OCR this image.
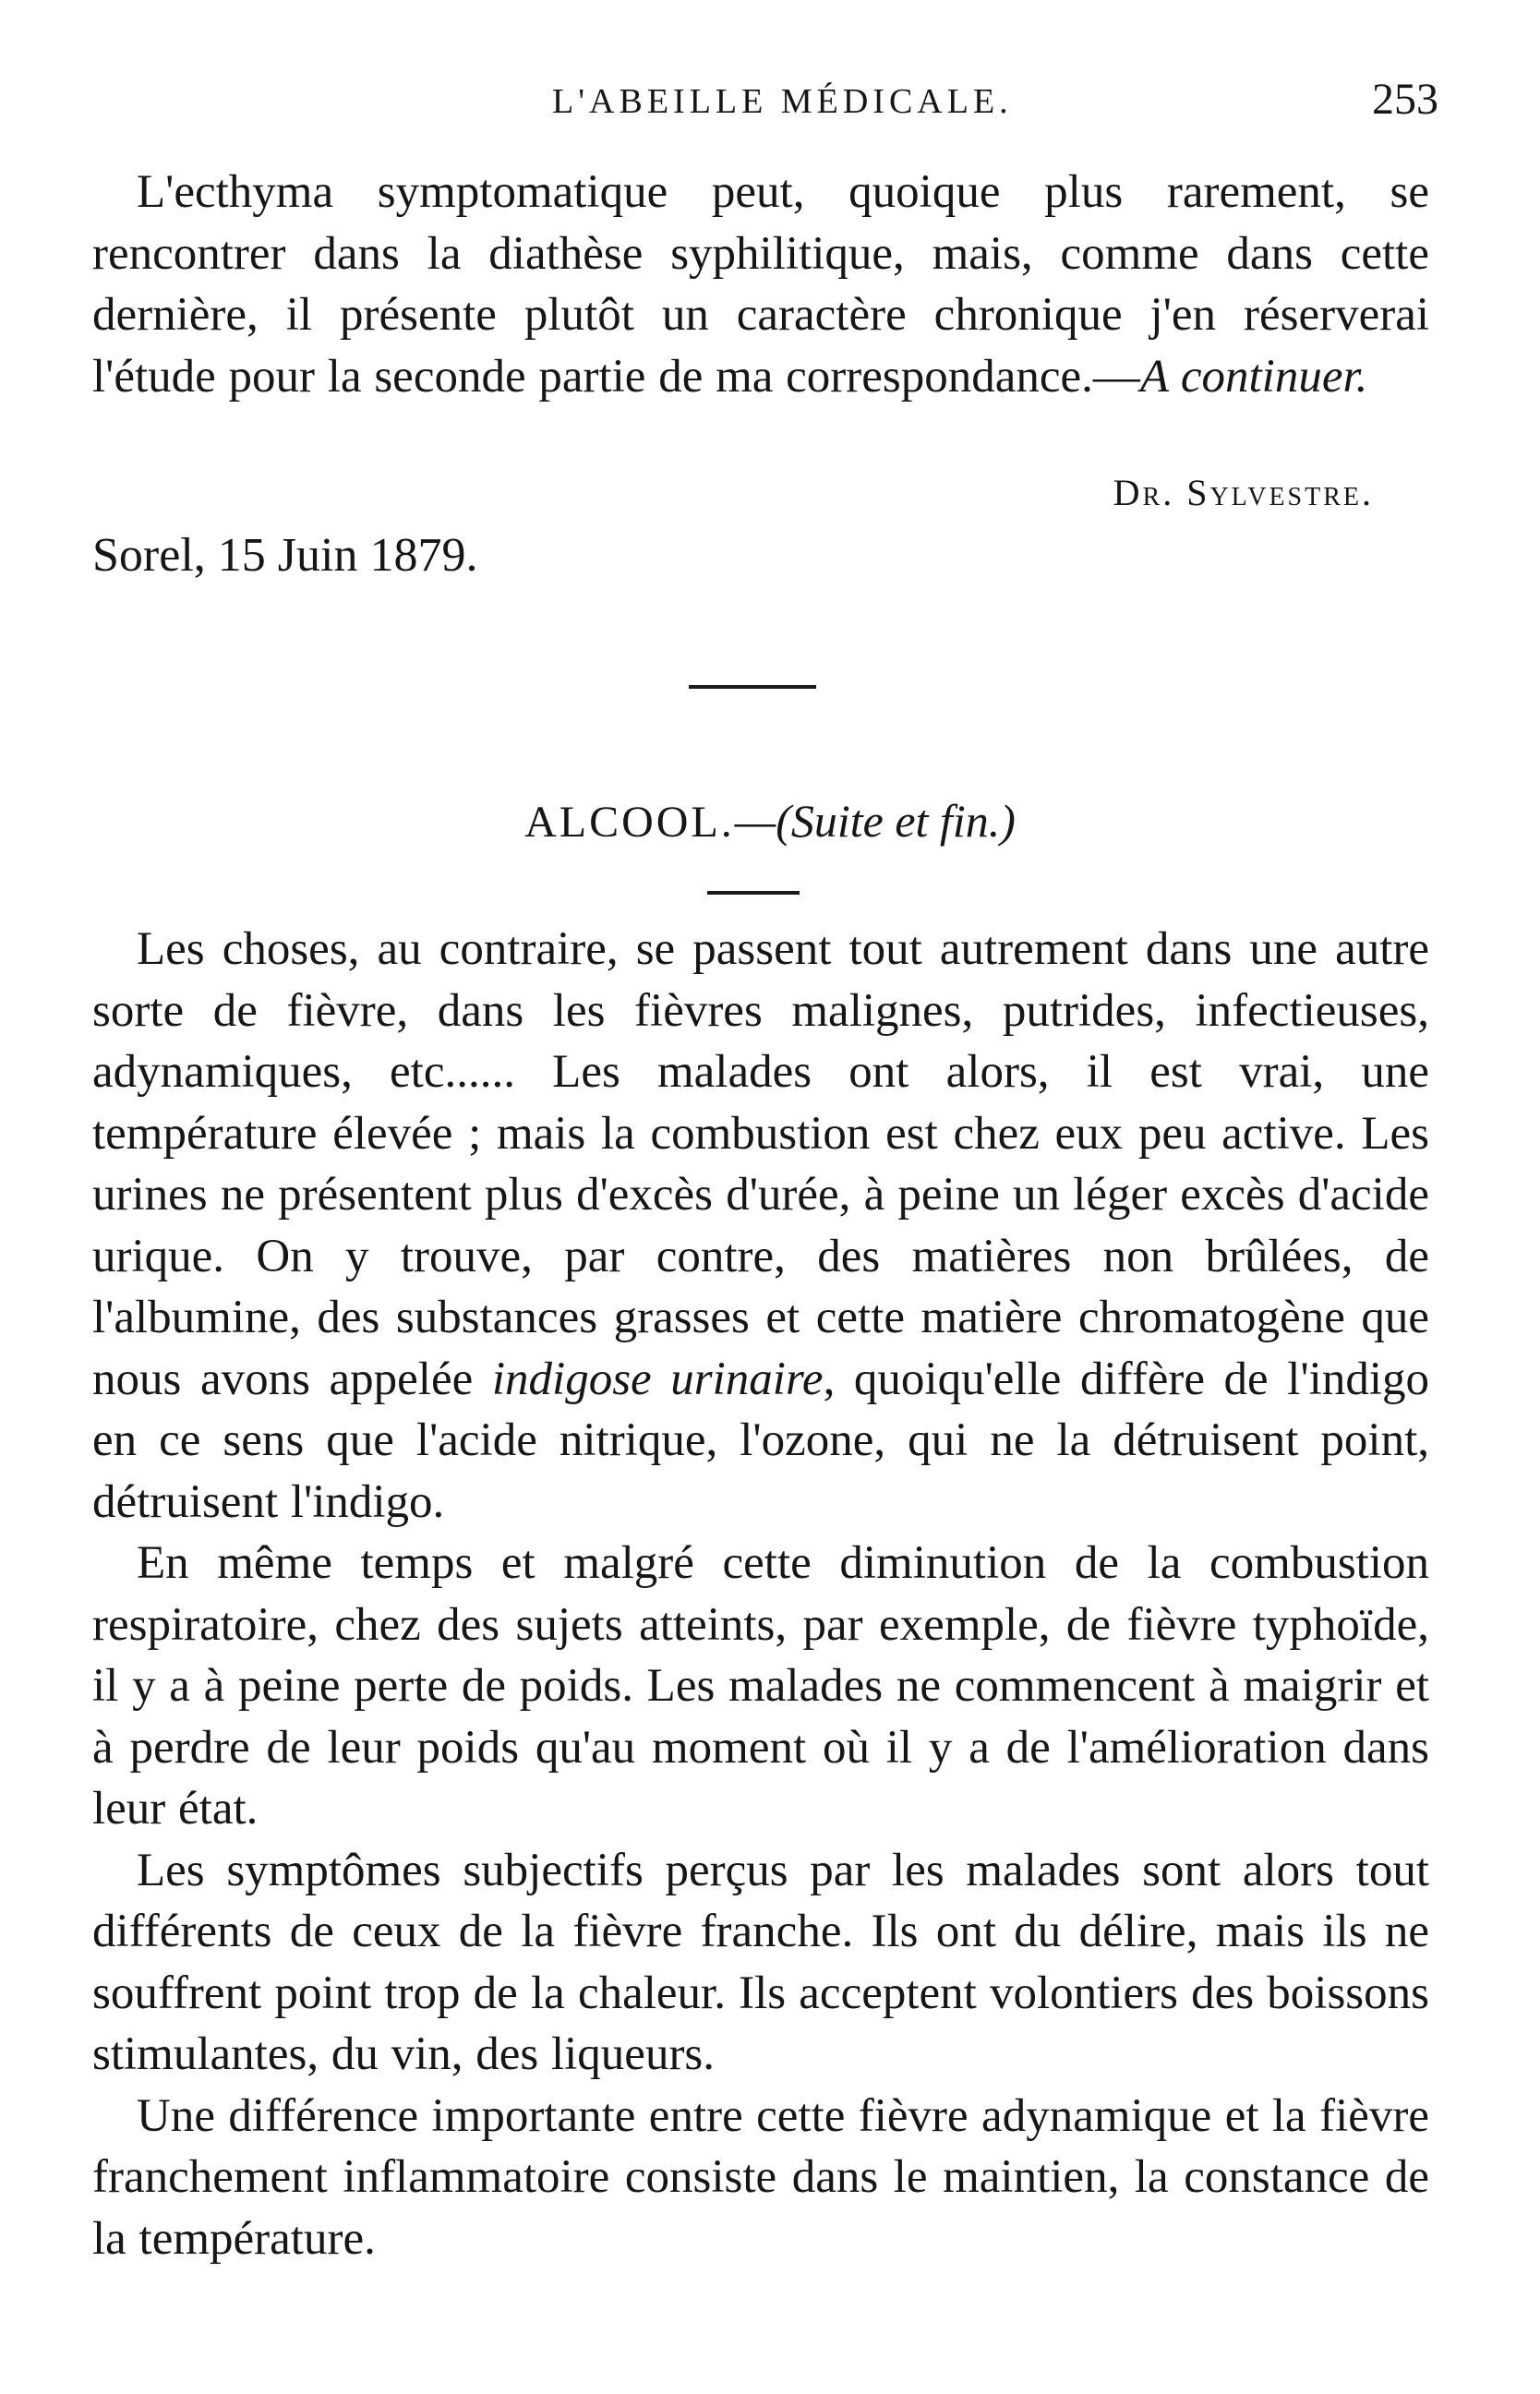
L'ABEILLE MÉDICALE.	253

L'ecthyma symptomatique peut, quoique plus rarement, se rencontrer dans la diathèse syphilitique, mais, comme dans cette dernière, il présente plutôt un caractère chronique j'en réserverai l'étude pour la seconde partie de ma correspondance.—A continuer.

Dr. Sylvestre.
Sorel, 15 Juin 1879.
ALCOOL.—(Suite et fin.)

Les choses, au contraire, se passent tout autrement dans une autre sorte de fièvre, dans les fièvres malignes, putrides, infectieuses, adynamiques, etc...... Les malades ont alors, il est vrai, une température élevée ; mais la combustion est chez eux peu active. Les urines ne présentent plus d'excès d'urée, à peine un léger excès d'acide urique. On y trouve, par contre, des matières non brûlées, de l'albumine, des substances grasses et cette matière chromatogène que nous avons appelée indigose urinaire, quoiqu'elle diffère de l'indigo en ce sens que l'acide nitrique, l'ozone, qui ne la détruisent point, détruisent l'indigo.

En même temps et malgré cette diminution de la combustion respiratoire, chez des sujets atteints, par exemple, de fièvre typhoïde, il y a à peine perte de poids. Les malades ne commencent à maigrir et à perdre de leur poids qu'au moment où il y a de l'amélioration dans leur état.

Les symptômes subjectifs perçus par les malades sont alors tout différents de ceux de la fièvre franche. Ils ont du délire, mais ils ne souffrent point trop de la chaleur. Ils acceptent volontiers des boissons stimulantes, du vin, des liqueurs.

Une différence importante entre cette fièvre adynamique et la fièvre franchement inflammatoire consiste dans le maintien, la constance de la température.
